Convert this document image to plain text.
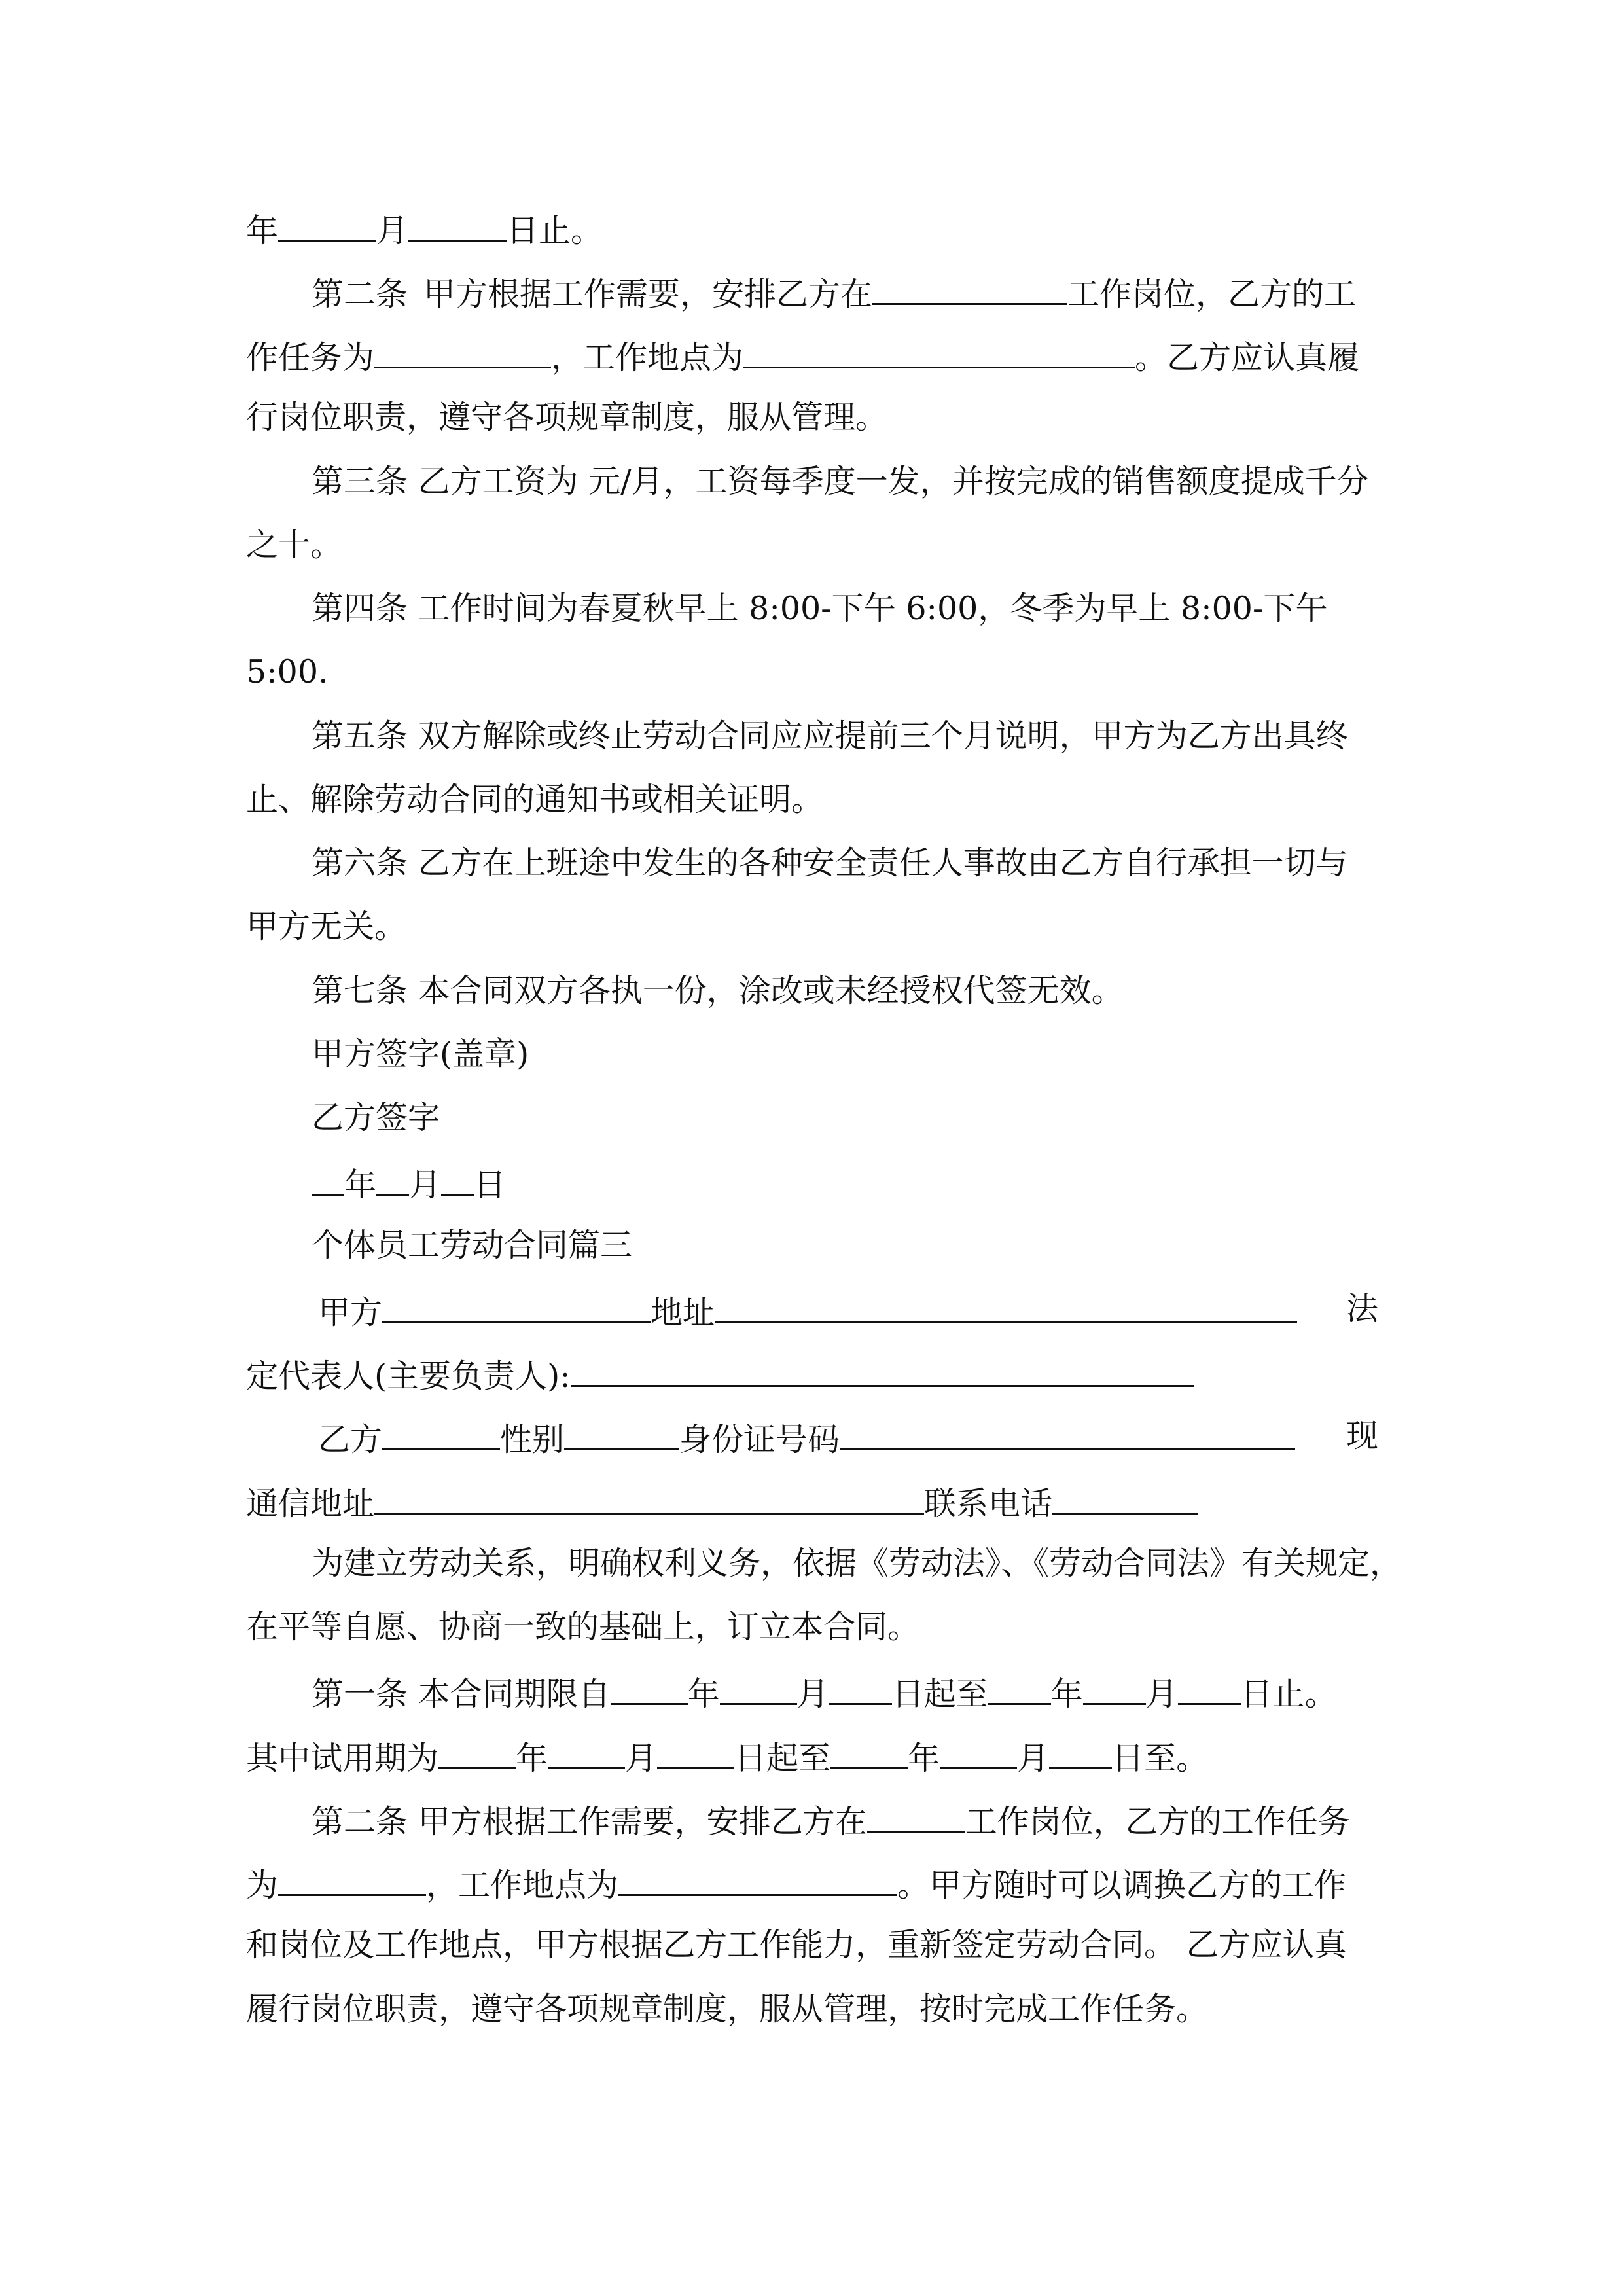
年	月	日止。
第二条 甲方根据工作需要，安排乙方在	工作岗位，乙方的工
作任务为	，工作地点为	。乙方应认真履
行岗位职责，遵守各项规章制度，服从管理。
第三条 乙方工资为 元/月，工资每季度一发，并按完成的销售额度提成千分
之十。
第四条 工作时间为春夏秋早上 8:00-下午 6:00，冬季为早上 8:00-下午
5:00.
第五条 双方解除或终止劳动合同应应提前三个月说明，甲方为乙方出具终
止、解除劳动合同的通知书或相关证明。
第六条 乙方在上班途中发生的各种安全责任人事故由乙方自行承担一切与
甲方无关。
第七条 本合同双方各执一份，涂改或未经授权代签无效。
甲方签字(盖章)
乙方签字
年 月 日
个体员工劳动合同篇三
甲方	地址	法
定代表人(主要负责人):
乙方	性别	身份证号码	现
通信地址	联系电话
为建立劳动关系，明确权利义务，依据《劳动法》、《劳动合同法》有关规定，
在平等自愿、协商一致的基础上，订立本合同。
第一条 本合同期限自 年 月 日起至 年 月 日止。
其中试用期为 年 月 日起至 年 月 日至。
第二条 甲方根据工作需要，安排乙方在	工作岗位，乙方的工作任务
为	，工作地点为	。甲方随时可以调换乙方的工作
和岗位及工作地点，甲方根据乙方工作能力，重新签定劳动合同。 乙方应认真
履行岗位职责，遵守各项规章制度，服从管理，按时完成工作任务。
